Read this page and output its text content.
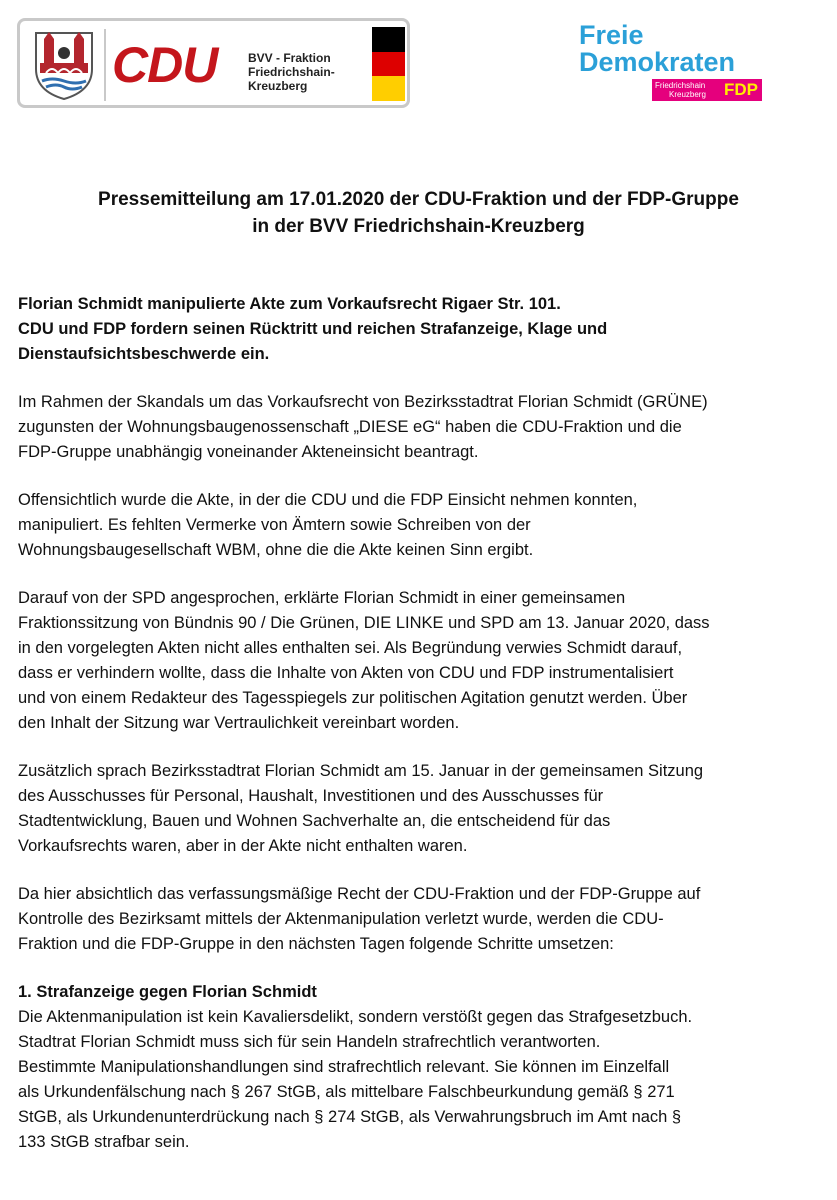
CDU	BVV - Fraktion
Friedrichshain-
Kreuzberg
Freie
Demokraten
Friedrichshain
Kreuzberg FDP
Pressemitteilung am 17.01.2020 der CDU-Fraktion und der FDP-Gruppe
in der BVV Friedrichshain-Kreuzberg

Florian Schmidt manipulierte Akte zum Vorkaufsrecht Rigaer Str. 101.
CDU und FDP fordern seinen Rücktritt und reichen Strafanzeige, Klage und
Dienstaufsichtsbeschwerde ein.

Im Rahmen der Skandals um das Vorkaufsrecht von Bezirksstadtrat Florian Schmidt (GRÜNE)
zugunsten der Wohnungsbaugenossenschaft „DIESE eG“ haben die CDU-Fraktion und die
FDP-Gruppe unabhängig voneinander Akteneinsicht beantragt.

Offensichtlich wurde die Akte, in der die CDU und die FDP Einsicht nehmen konnten,
manipuliert. Es fehlten Vermerke von Ämtern sowie Schreiben von der
Wohnungsbaugesellschaft WBM, ohne die die Akte keinen Sinn ergibt.

Darauf von der SPD angesprochen, erklärte Florian Schmidt in einer gemeinsamen
Fraktionssitzung von Bündnis 90 / Die Grünen, DIE LINKE und SPD am 13. Januar 2020, dass
in den vorgelegten Akten nicht alles enthalten sei. Als Begründung verwies Schmidt darauf,
dass er verhindern wollte, dass die Inhalte von Akten von CDU und FDP instrumentalisiert
und von einem Redakteur des Tagesspiegels zur politischen Agitation genutzt werden. Über
den Inhalt der Sitzung war Vertraulichkeit vereinbart worden.

Zusätzlich sprach Bezirksstadtrat Florian Schmidt am 15. Januar in der gemeinsamen Sitzung
des Ausschusses für Personal, Haushalt, Investitionen und des Ausschusses für
Stadtentwicklung, Bauen und Wohnen Sachverhalte an, die entscheidend für das
Vorkaufsrechts waren, aber in der Akte nicht enthalten waren.

Da hier absichtlich das verfassungsmäßige Recht der CDU-Fraktion und der FDP-Gruppe auf
Kontrolle des Bezirksamt mittels der Aktenmanipulation verletzt wurde, werden die CDU-
Fraktion und die FDP-Gruppe in den nächsten Tagen folgende Schritte umsetzen:

1. Strafanzeige gegen Florian Schmidt

Die Aktenmanipulation ist kein Kavaliersdelikt, sondern verstößt gegen das Strafgesetzbuch.
Stadtrat Florian Schmidt muss sich für sein Handeln strafrechtlich verantworten.
Bestimmte Manipulationshandlungen sind strafrechtlich relevant. Sie können im Einzelfall
als Urkundenfälschung nach § 267 StGB, als mittelbare Falschbeurkundung gemäß § 271
StGB, als Urkundenunterdrückung nach § 274 StGB, als Verwahrungsbruch im Amt nach §
133 StGB strafbar sein.
